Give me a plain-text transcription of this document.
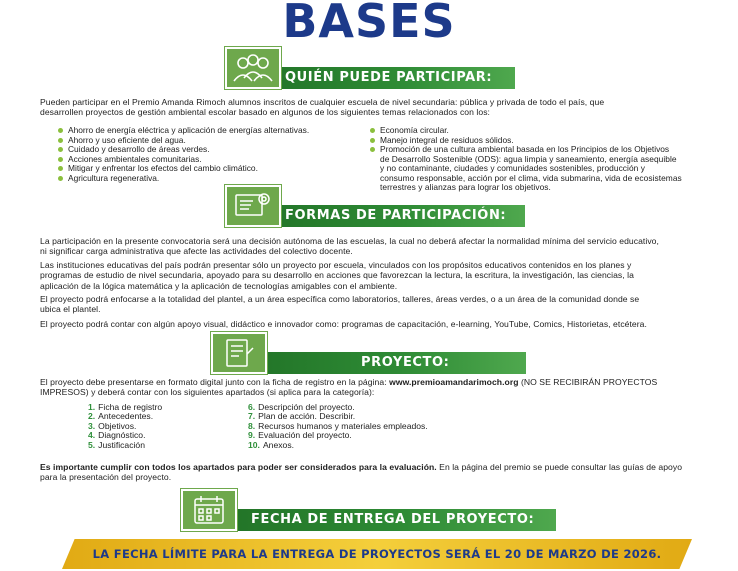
BASES
QUIÉN PUEDE PARTICIPAR:
Pueden participar en el Premio Amanda Rimoch alumnos inscritos de cualquier escuela de nivel secundaria: pública y privada de todo el país, que
desarrollen proyectos de gestión ambiental escolar basado en algunos de los siguientes temas relacionados con los:
Ahorro de energía eléctrica y aplicación de energías alternativas.
Ahorro y uso eficiente del agua.
Cuidado y desarrollo de áreas verdes.
Acciones ambientales comunitarias.
Mitigar y enfrentar los efectos del cambio climático.
Agricultura regenerativa.
Economía circular.
Manejo integral de residuos sólidos.
Promoción de una cultura ambiental basada en los Principios de los Objetivos
de Desarrollo Sostenible (ODS): agua limpia y saneamiento, energía asequible
y no contaminante, ciudades y comunidades sostenibles, producción y
consumo responsable, acción por el clima, vida submarina, vida de ecosistemas
terrestres y alianzas para lograr los objetivos.
FORMAS DE PARTICIPACIÓN:
La participación en la presente convocatoria será una decisión autónoma de las escuelas, la cual no deberá afectar la normalidad mínima del servicio educativo,
ni significar carga administrativa que afecte las actividades del colectivo docente.
Las instituciones educativas del país podrán presentar sólo un proyecto por escuela, vinculados con los propósitos educativos contenidos en los planes y
programas de estudio de nivel secundaria, apoyado para su desarrollo en acciones que favorezcan la lectura, la escritura, la investigación, las ciencias, la
aplicación de la lógica matemática y la aplicación de tecnologías amigables con el ambiente.
El proyecto podrá enfocarse a la totalidad del plantel, a un área específica como laboratorios, talleres, áreas verdes, o a un área de la comunidad donde se
ubica el plantel.
El proyecto podrá contar con algún apoyo visual, didáctico e innovador como: programas de capacitación, e-learning, YouTube, Comics, Historietas, etcétera.
PROYECTO:
El proyecto debe presentarse en formato digital junto con la ficha de registro en la página: www.premioamandarimoch.org (NO SE RECIBIRÁN PROYECTOS
IMPRESOS) y deberá contar con los siguientes apartados (si aplica para la categoría):
1. Ficha de registro
2. Antecedentes.
3. Objetivos.
4. Diagnóstico.
5. Justificación
6. Descripción del proyecto.
7. Plan de acción. Describir.
8. Recursos humanos y materiales empleados.
9. Evaluación del proyecto.
10. Anexos.
Es importante cumplir con todos los apartados para poder ser considerados para la evaluación. En la página del premio se puede consultar las guías de apoyo
para la presentación del proyecto.
FECHA DE ENTREGA DEL PROYECTO:
LA FECHA LÍMITE PARA LA ENTREGA DE PROYECTOS SERÁ EL 20 DE MARZO DE 2026.
